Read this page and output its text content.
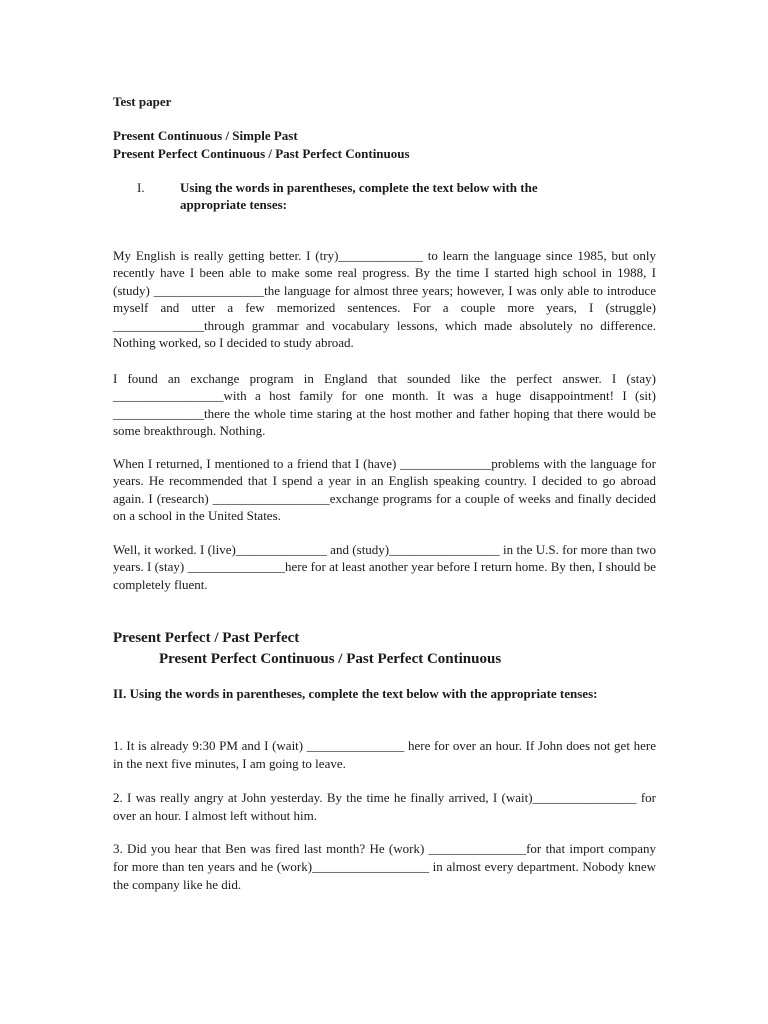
Test paper

Present Continuous / Simple Past

Present Perfect Continuous / Past Perfect Continuous

I.	Using the words in parentheses, complete the text below with the appropriate tenses:

My English is really getting better. I (try)_____________ to learn the language since 1985, but only recently have I been able to make some real progress. By the time I started high school in 1988, I (study) _________________the language for almost three years; however, I was only able to introduce myself and utter a few memorized sentences. For a couple more years, I (struggle) ______________through grammar and vocabulary lessons, which made absolutely no difference. Nothing worked, so I decided to study abroad.

I found an exchange program in England that sounded like the perfect answer. I (stay) _________________with a host family for one month. It was a huge disappointment! I (sit) ______________there the whole time staring at the host mother and father hoping that there would be some breakthrough. Nothing.

When I returned, I mentioned to a friend that I (have) ______________problems with the language for years. He recommended that I spend a year in an English speaking country. I decided to go abroad again. I (research) __________________exchange programs for a couple of weeks and finally decided on a school in the United States.

Well, it worked. I (live)______________ and (study)_________________ in the U.S. for more than two years. I (stay) _______________here for at least another year before I return home. By then, I should be completely fluent.

Present Perfect / Past Perfect

Present Perfect Continuous / Past Perfect Continuous

II. Using the words in parentheses, complete the text below with the appropriate tenses:

1. It is already 9:30 PM and I (wait) _______________ here for over an hour. If John does not get here in the next five minutes, I am going to leave.

2. I was really angry at John yesterday. By the time he finally arrived, I (wait)________________ for over an hour. I almost left without him.

3. Did you hear that Ben was fired last month? He (work) _______________for that import company for more than ten years and he (work)__________________ in almost every department. Nobody knew the company like he did.
